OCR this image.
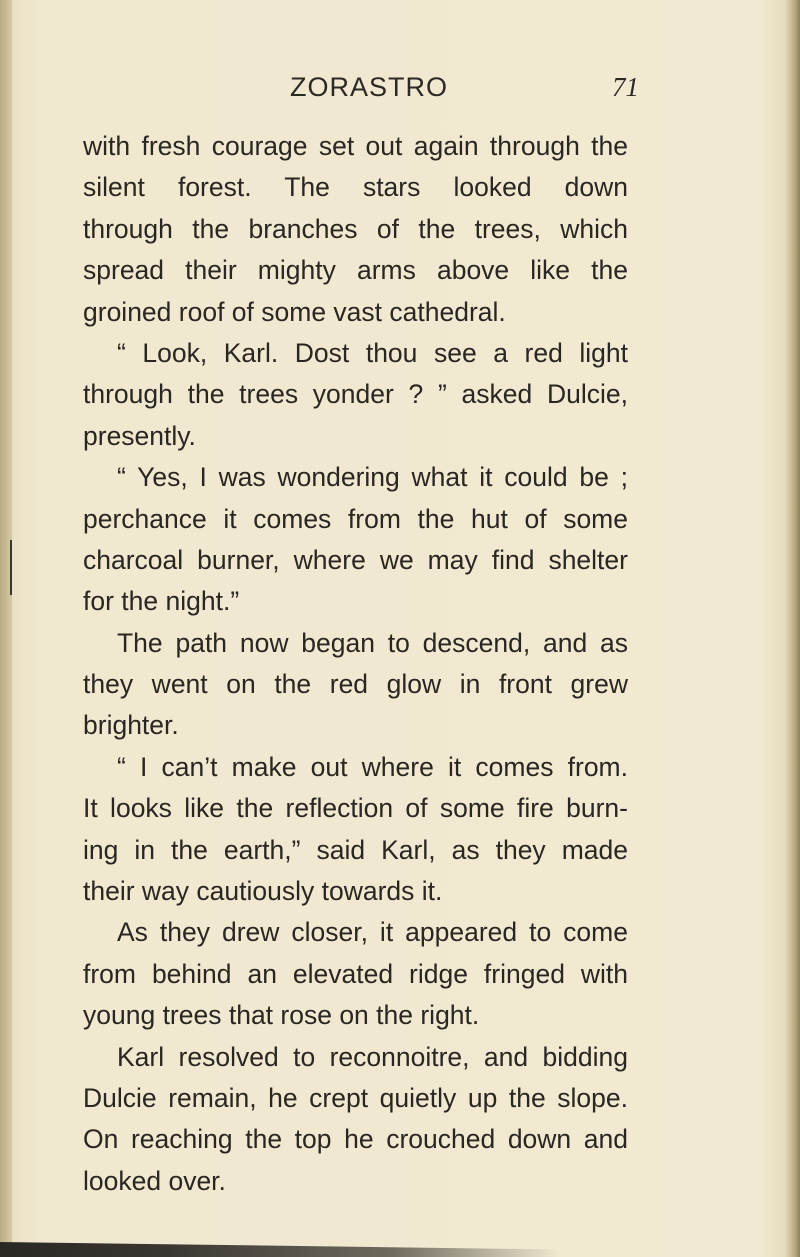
ZORASTRO	71
with fresh courage set out again through the
silent forest. The stars looked down
through the branches of the trees, which
spread their mighty arms above like the
groined roof of some vast cathedral.
“ Look, Karl. Dost thou see a red light
through the trees yonder ? ” asked Dulcie,
presently.
“ Yes, I was wondering what it could be ;
perchance it comes from the hut of some
charcoal burner, where we may find shelter
for the night.”
The path now began to descend, and as
they went on the red glow in front grew
brighter.
“ I can’t make out where it comes from.
It looks like the reflection of some fire burn-
ing in the earth,” said Karl, as they made
their way cautiously towards it.
As they drew closer, it appeared to come
from behind an elevated ridge fringed with
young trees that rose on the right.
Karl resolved to reconnoitre, and bidding
Dulcie remain, he crept quietly up the slope.
On reaching the top he crouched down and
looked over.
